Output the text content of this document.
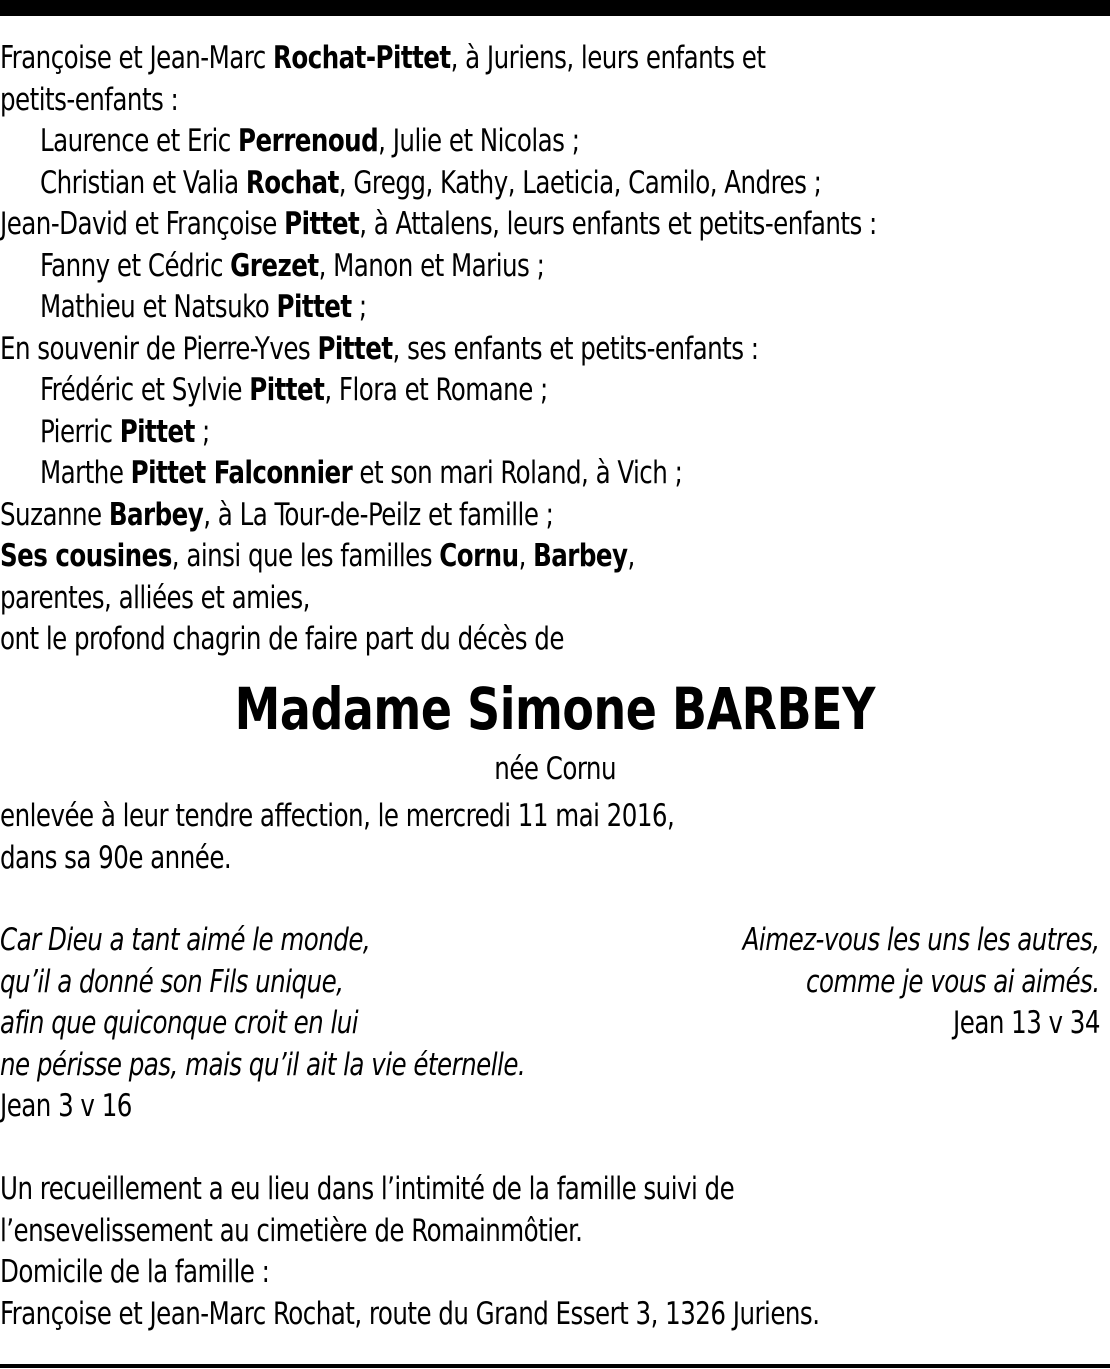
Françoise et Jean-Marc Rochat-Pittet, à Juriens, leurs enfants et
petits-enfants :
Laurence et Eric Perrenoud, Julie et Nicolas ;
Christian et Valia Rochat, Gregg, Kathy, Laeticia, Camilo, Andres ;
Jean-David et Françoise Pittet, à Attalens, leurs enfants et petits-enfants :
Fanny et Cédric Grezet, Manon et Marius ;
Mathieu et Natsuko Pittet ;
En souvenir de Pierre-Yves Pittet, ses enfants et petits-enfants :
Frédéric et Sylvie Pittet, Flora et Romane ;
Pierric Pittet ;
Marthe Pittet Falconnier et son mari Roland, à Vich ;
Suzanne Barbey, à La Tour-de-Peilz et famille ;
Ses cousines, ainsi que les familles Cornu, Barbey,
parentes, alliées et amies,
ont le profond chagrin de faire part du décès de
Madame Simone BARBEY
née Cornu
enlevée à leur tendre affection, le mercredi 11 mai 2016,
dans sa 90e année.
Car Dieu a tant aimé le monde,
qu’il a donné son Fils unique,
afin que quiconque croit en lui
ne périsse pas, mais qu’il ait la vie éternelle.
Jean 3 v 16
Aimez-vous les uns les autres,
comme je vous ai aimés.
Jean 13 v 34
Un recueillement a eu lieu dans l’intimité de la famille suivi de
l’ensevelissement au cimetière de Romainmôtier.
Domicile de la famille :
Françoise et Jean-Marc Rochat, route du Grand Essert 3, 1326 Juriens.
